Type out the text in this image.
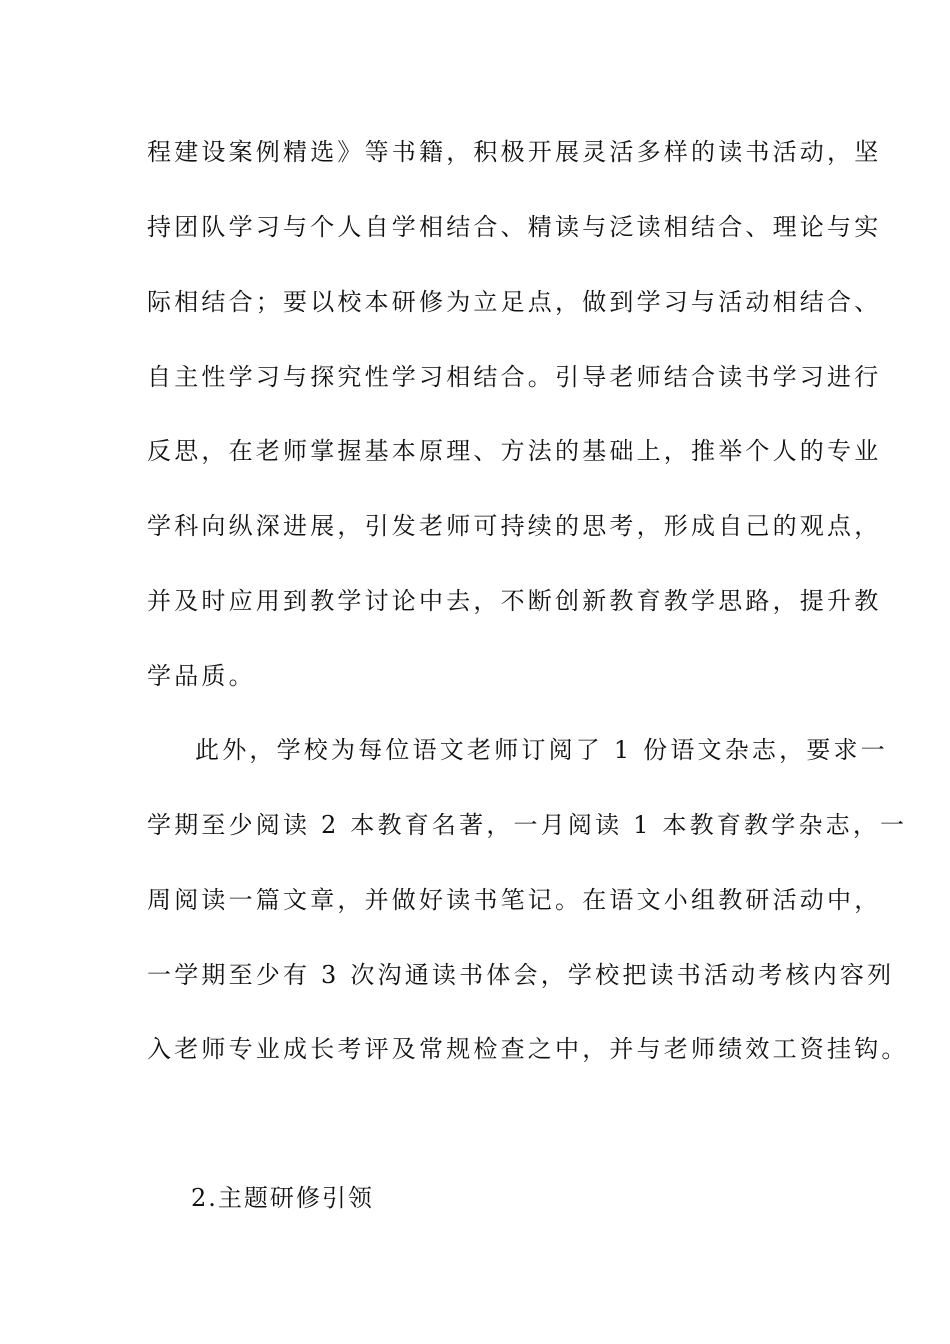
程建设案例精选》等书籍，积极开展灵活多样的读书活动，坚
持团队学习与个人自学相结合、精读与泛读相结合、理论与实
际相结合；要以校本研修为立足点，做到学习与活动相结合、
自主性学习与探究性学习相结合。引导老师结合读书学习进行
反思，在老师掌握基本原理、方法的基础上，推举个人的专业
学科向纵深进展，引发老师可持续的思考，形成自己的观点，
并及时应用到教学讨论中去，不断创新教育教学思路，提升教
学品质。
此外，学校为每位语文老师订阅了 1 份语文杂志，要求一
学期至少阅读 2 本教育名著，一月阅读 1 本教育教学杂志，一
周阅读一篇文章，并做好读书笔记。在语文小组教研活动中，
一学期至少有 3 次沟通读书体会，学校把读书活动考核内容列
入老师专业成长考评及常规检查之中，并与老师绩效工资挂钩。
2.主题研修引领
